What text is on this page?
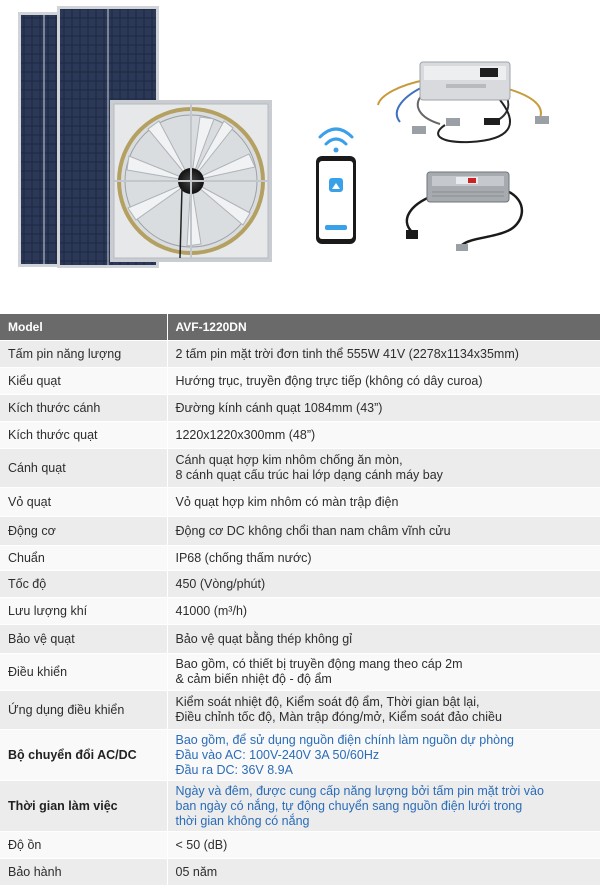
Model	AVF-1220DN
Tấm pin năng lượng	2 tấm pin mặt trời đơn tinh thể 555W 41V (2278x1134x35mm)

Kiểu quạt	Hướng trục, truyền động trực tiếp (không có dây curoa)

Kích thước cánh	Đường kính cánh quạt 1084mm (43”)

Kích thước quạt	1220x1220x300mm (48”)

Cánh quạt	Cánh quạt hợp kim nhôm chống ăn mòn,
8 cánh quạt cấu trúc hai lớp dạng cánh máy bay

Vỏ quạt	Vỏ quạt hợp kim nhôm có màn trập điện

Động cơ	Động cơ DC không chổi than nam châm vĩnh cửu

Chuẩn	IP68 (chống thấm nước)

Tốc độ	450 (Vòng/phút)

Lưu lượng khí	41000 (m³/h)

Bảo vệ quạt	Bảo vệ quạt bằng thép không gỉ

Điều khiển	Bao gồm, có thiết bị truyền động mang theo cáp 2m
& cảm biến nhiệt độ - độ ẩm

Ứng dụng điều khiển	Kiểm soát nhiệt độ, Kiểm soát độ ẩm, Thời gian bật lại,
Điều chỉnh tốc độ, Màn trập đóng/mở, Kiểm soát đảo chiều

Bộ chuyển đổi AC/DC	Bao gồm, để sử dụng nguồn điện chính làm nguồn dự phòng
Đầu vào AC: 100V-240V 3A 50/60Hz
Đầu ra DC: 36V 8.9A

Thời gian làm việc	Ngày và đêm, được cung cấp năng lượng bởi tấm pin mặt trời vào
ban ngày có nắng, tự động chuyển sang nguồn điện lưới trong
thời gian không có nắng

Độ ồn	< 50 (dB)

Bảo hành	05 năm
